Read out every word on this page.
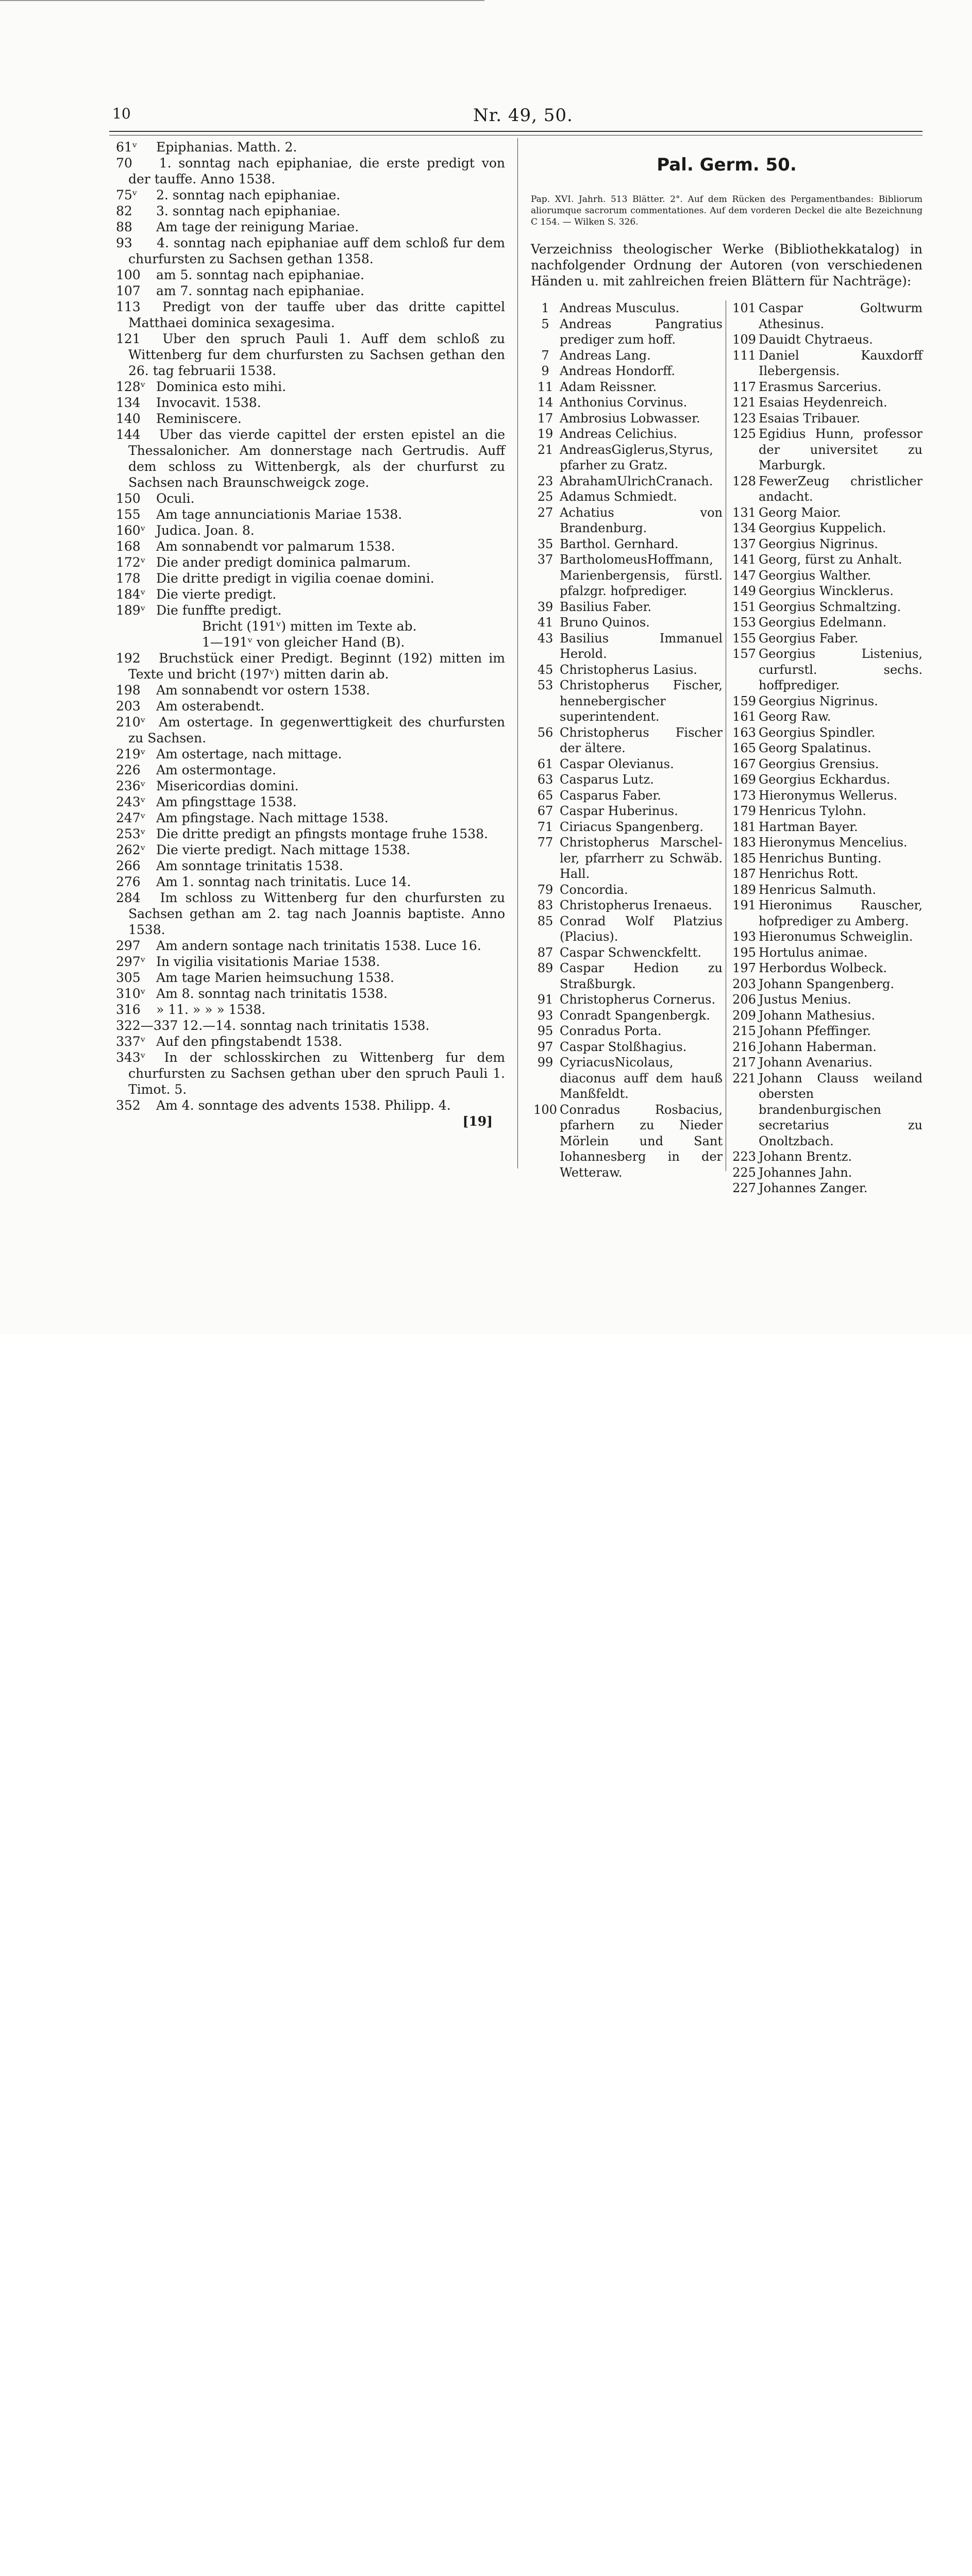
10	Nr. 49, 50.

61ᵛ Epiphanias. Matth. 2.

70 1. sonntag nach epiphaniae, die erste predigt von der tauffe. Anno 1538.

75ᵛ 2. sonntag nach epiphaniae.

82 3. sonntag nach epiphaniae.

88 Am tage der reinigung Mariae.

93 4. sonntag nach epiphaniae auff dem schloß fur dem churfursten zu Sachsen gethan 1358.

100 am 5. sonntag nach epiphaniae.

107 am 7. sonntag nach epiphaniae.

113 Predigt von der tauffe uber das dritte capittel Matthaei dominica sexagesima.

121 Uber den spruch Pauli 1. Auff dem schloß zu Wittenberg fur dem churfursten zu Sachsen gethan den 26. tag februarii 1538.

128ᵛ Dominica esto mihi.

134 Invocavit. 1538.

140 Reminiscere.

144 Uber das vierde capittel der ersten epistel an die Thessalonicher. Am donnerstage nach Gertrudis. Auff dem schloss zu Wittenbergk, als der churfurst zu Sachsen nach Braunschweigck zoge.

150 Oculi.

155 Am tage annunciationis Mariae 1538.

160ᵛ Judica. Joan. 8.

168 Am sonnabendt vor palmarum 1538.

172ᵛ Die ander predigt dominica palmarum.

178 Die dritte predigt in vigilia coenae domini.

184ᵛ Die vierte predigt.

189ᵛ Die funffte predigt.

Bricht (191ᵛ) mitten im Texte ab.

1—191ᵛ von gleicher Hand (B).

192 Bruchstück einer Predigt. Beginnt (192) mitten im Texte und bricht (197ᵛ) mitten darin ab.

198 Am sonnabendt vor ostern 1538.

203 Am osterabendt.

210ᵛ Am ostertage. In gegenwerttigkeit des churfursten zu Sachsen.

219ᵛ Am ostertage, nach mittage.

226 Am ostermontage.

236ᵛ Misericordias domini.

243ᵛ Am pfingsttage 1538.

247ᵛ Am pfingstage. Nach mittage 1538.

253ᵛ Die dritte predigt an pfingsts montage fruhe 1538.

262ᵛ Die vierte predigt. Nach mittage 1538.

266 Am sonntage trinitatis 1538.

276 Am 1. sonntag nach trinitatis. Luce 14.

284 Im schloss zu Wittenberg fur den churfursten zu Sachsen gethan am 2. tag nach Joannis baptiste. Anno 1538.

297 Am andern sontage nach trinitatis 1538. Luce 16.

297ᵛ In vigilia visitationis Mariae 1538.

305 Am tage Marien heimsuchung 1538.

310ᵛ Am 8. sonntag nach trinitatis 1538.

316 » 11. » » » 1538.

322—337 12.—14. sonntag nach trinitatis 1538.

337ᵛ Auf den pfingstabendt 1538.

343ᵛ In der schlosskirchen zu Wittenberg fur dem churfursten zu Sachsen gethan uber den spruch Pauli 1. Timot. 5.

352 Am 4. sonntage des advents 1538. Philipp. 4.

[19]

Pal. Germ. 50.

Pap. XVI. Jahrh. 513 Blätter. 2°. Auf dem Rücken des Pergamentbandes: Bibliorum aliorumque sacrorum commentationes. Auf dem vorderen Deckel die alte Bezeichnung C 154. — Wilken S. 326.

Verzeichniss theologischer Werke (Bibliothekkatalog) in nachfolgender Ordnung der Autoren (von verschiedenen Händen u. mit zahlreichen freien Blättern für Nachträge):

1 Andreas Musculus.
5 Andreas Pangratius prediger zum hoff.
7 Andreas Lang.
9 Andreas Hondorff.
11 Adam Reissner.
14 Anthonius Corvinus.
17 Ambrosius Lobwasser.
19 Andreas Celichius.
21 AndreasGiglerus,Styrus, pfarher zu Gratz.
23 AbrahamUlrichCranach.
25 Adamus Schmiedt.
27 Achatius von Brandenburg.
35 Barthol. Gernhard.
37 BartholomeusHoffmann, Marienbergensis, fürstl. pfalzgr. hofprediger.
39 Basilius Faber.
41 Bruno Quinos.
43 Basilius Immanuel Herold.
45 Christopherus Lasius.
53 Christopherus Fischer, hennebergischer superintendent.
56 Christopherus Fischer der ältere.
61 Caspar Olevianus.
63 Casparus Lutz.
65 Casparus Faber.
67 Caspar Huberinus.
71 Ciriacus Spangenberg.
77 Christopherus Marschel-ler, pfarrherr zu Schwäb. Hall.
79 Concordia.
83 Christopherus Irenaeus.
85 Conrad Wolf Platzius (Placius).
87 Caspar Schwenckfeltt.
89 Caspar Hedion zu Straßburgk.
91 Christopherus Cornerus.
93 Conradt Spangenbergk.
95 Conradus Porta.
97 Caspar Stolßhagius.
99 CyriacusNicolaus, diaconus auff dem hauß Manßfeldt.
100 Conradus Rosbacius, pfarhern zu Nieder Mörlein und Sant Iohannesberg in der Wetteraw.
101 Caspar Goltwurm Athesinus.
109 Dauidt Chytraeus.
111 Daniel Kauxdorff Ilebergensis.
117 Erasmus Sarcerius.
121 Esaias Heydenreich.
123 Esaias Tribauer.
125 Egidius Hunn, professor der universitet zu Marburgk.
128 FewerZeug christlicher andacht.
131 Georg Maior.
134 Georgius Kuppelich.
137 Georgius Nigrinus.
141 Georg, fürst zu Anhalt.
147 Georgius Walther.
149 Georgius Wincklerus.
151 Georgius Schmaltzing.
153 Georgius Edelmann.
155 Georgius Faber.
157 Georgius Listenius, curfurstl. sechs. hoffprediger.
159 Georgius Nigrinus.
161 Georg Raw.
163 Georgius Spindler.
165 Georg Spalatinus.
167 Georgius Grensius.
169 Georgius Eckhardus.
173 Hieronymus Wellerus.
179 Henricus Tylohn.
181 Hartman Bayer.
183 Hieronymus Mencelius.
185 Henrichus Bunting.
187 Henrichus Rott.
189 Henricus Salmuth.
191 Hieronimus Rauscher, hofprediger zu Amberg.
193 Hieronumus Schweiglin.
195 Hortulus animae.
197 Herbordus Wolbeck.
203 Johann Spangenberg.
206 Justus Menius.
209 Johann Mathesius.
215 Johann Pfeffinger.
216 Johann Haberman.
217 Johann Avenarius.
221 Johann Clauss weiland obersten brandenburgischen secretarius zu Onoltzbach.
223 Johann Brentz.
225 Johannes Jahn.
227 Johannes Zanger.
